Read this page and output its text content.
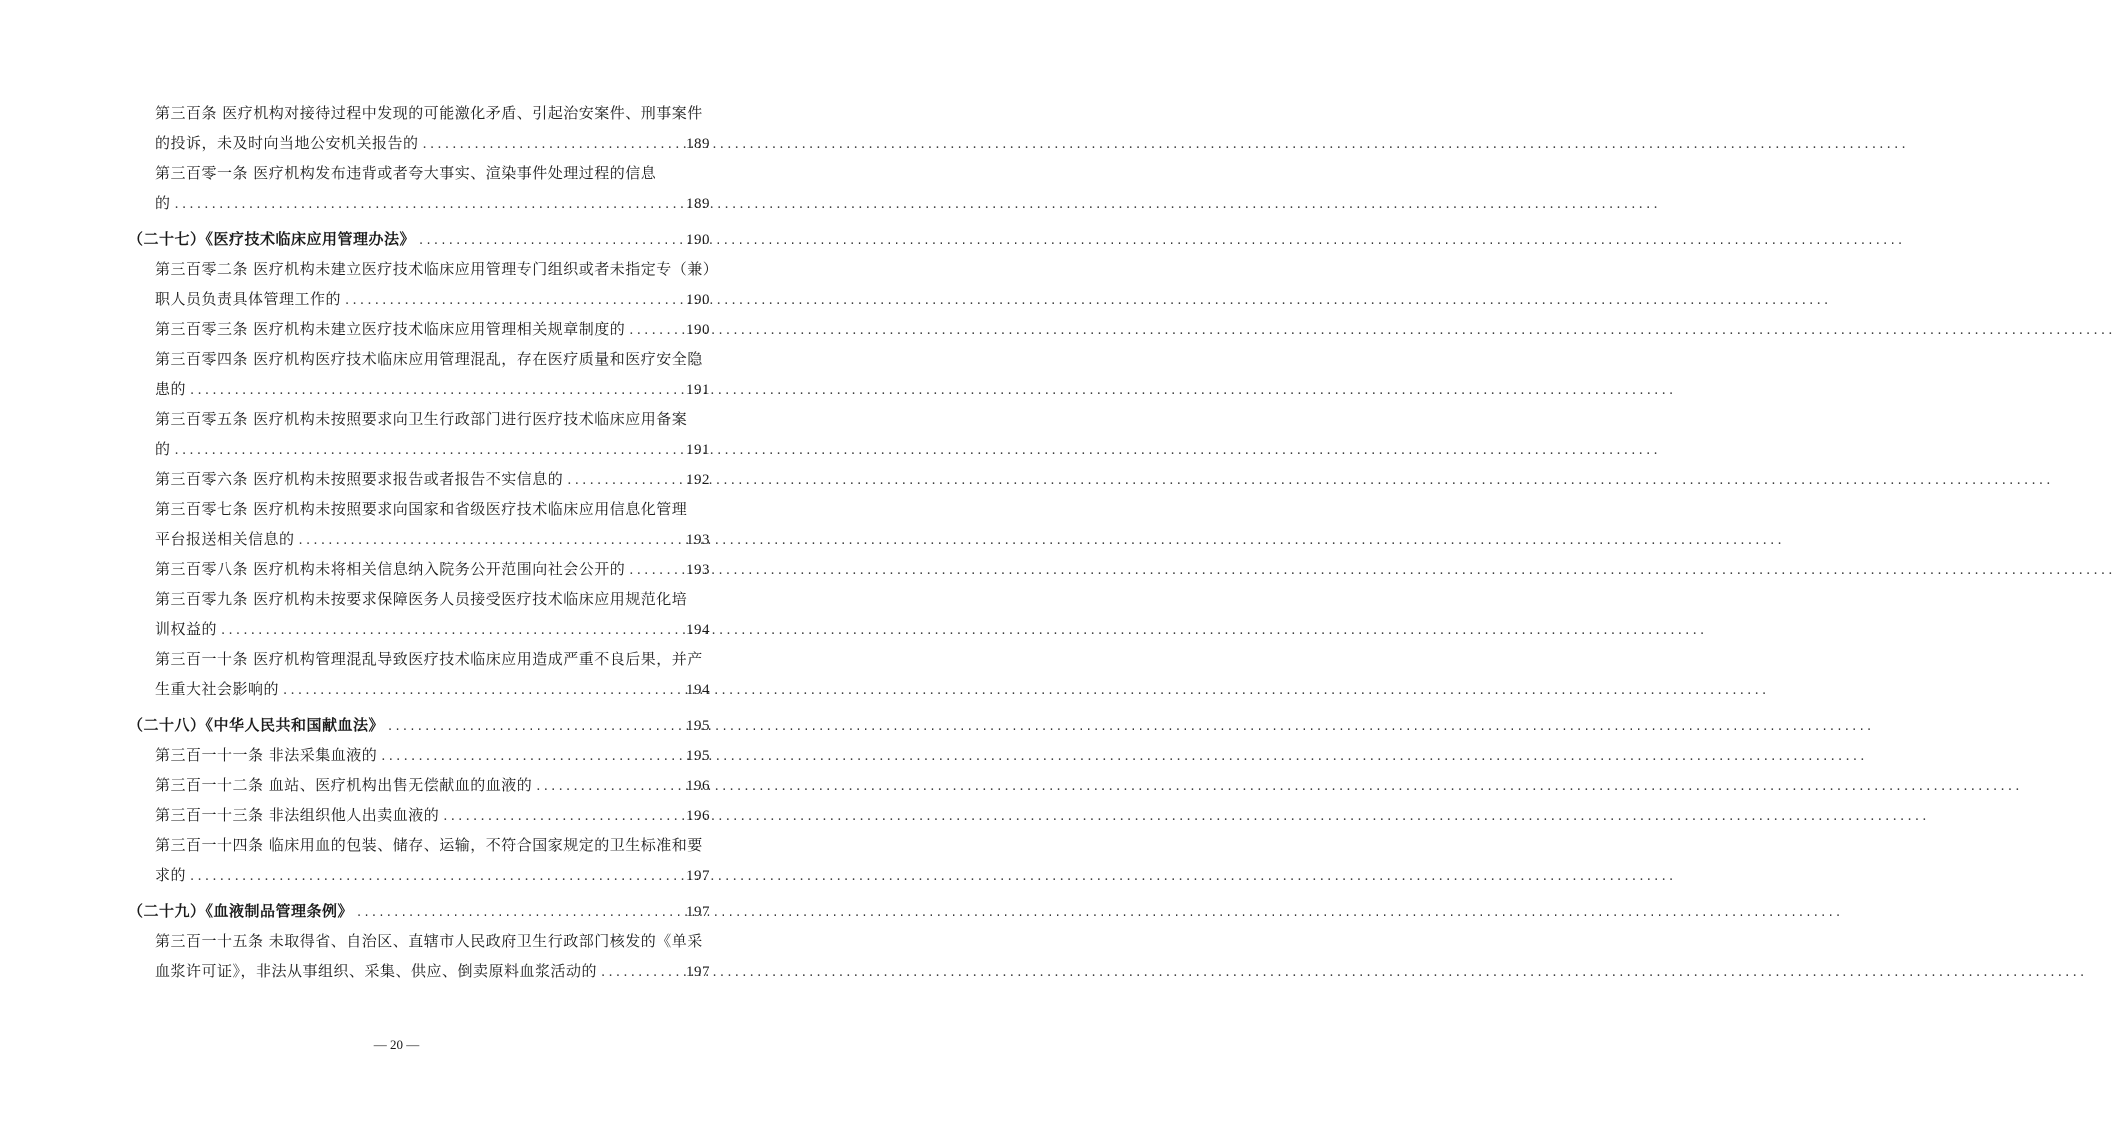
第三百条 医疗机构对接待过程中发现的可能激化矛盾、引起治安案件、刑事案件
的投诉，未及时向当地公安机关报告的 .....	189
第三百零一条 医疗机构发布违背或者夸大事实、渲染事件处理过程的信息
的 .....	189
（二十七）《医疗技术临床应用管理办法》 .....	190
第三百零二条 医疗机构未建立医疗技术临床应用管理专门组织或者未指定专（兼）
职人员负责具体管理工作的 .....	190
第三百零三条 医疗机构未建立医疗技术临床应用管理相关规章制度的 .....	190
第三百零四条 医疗机构医疗技术临床应用管理混乱，存在医疗质量和医疗安全隐
患的 .....	191
第三百零五条 医疗机构未按照要求向卫生行政部门进行医疗技术临床应用备案
的 .....	191
第三百零六条 医疗机构未按照要求报告或者报告不实信息的 .....	192
第三百零七条 医疗机构未按照要求向国家和省级医疗技术临床应用信息化管理
平台报送相关信息的 .....	193
第三百零八条 医疗机构未将相关信息纳入院务公开范围向社会公开的 .....	193
第三百零九条 医疗机构未按要求保障医务人员接受医疗技术临床应用规范化培
训权益的 .....	194
第三百一十条 医疗机构管理混乱导致医疗技术临床应用造成严重不良后果，并产
生重大社会影响的 .....	194
（二十八）《中华人民共和国献血法》 .....	195
第三百一十一条 非法采集血液的 .....	195
第三百一十二条 血站、医疗机构出售无偿献血的血液的 .....	196
第三百一十三条 非法组织他人出卖血液的 .....	196
第三百一十四条 临床用血的包装、储存、运输，不符合国家规定的卫生标准和要
求的 .....	197
（二十九）《血液制品管理条例》 .....	197
第三百一十五条 未取得省、自治区、直辖市人民政府卫生行政部门核发的《单采
血浆许可证》，非法从事组织、采集、供应、倒卖原料血浆活动的 .....	197
— 20 —
